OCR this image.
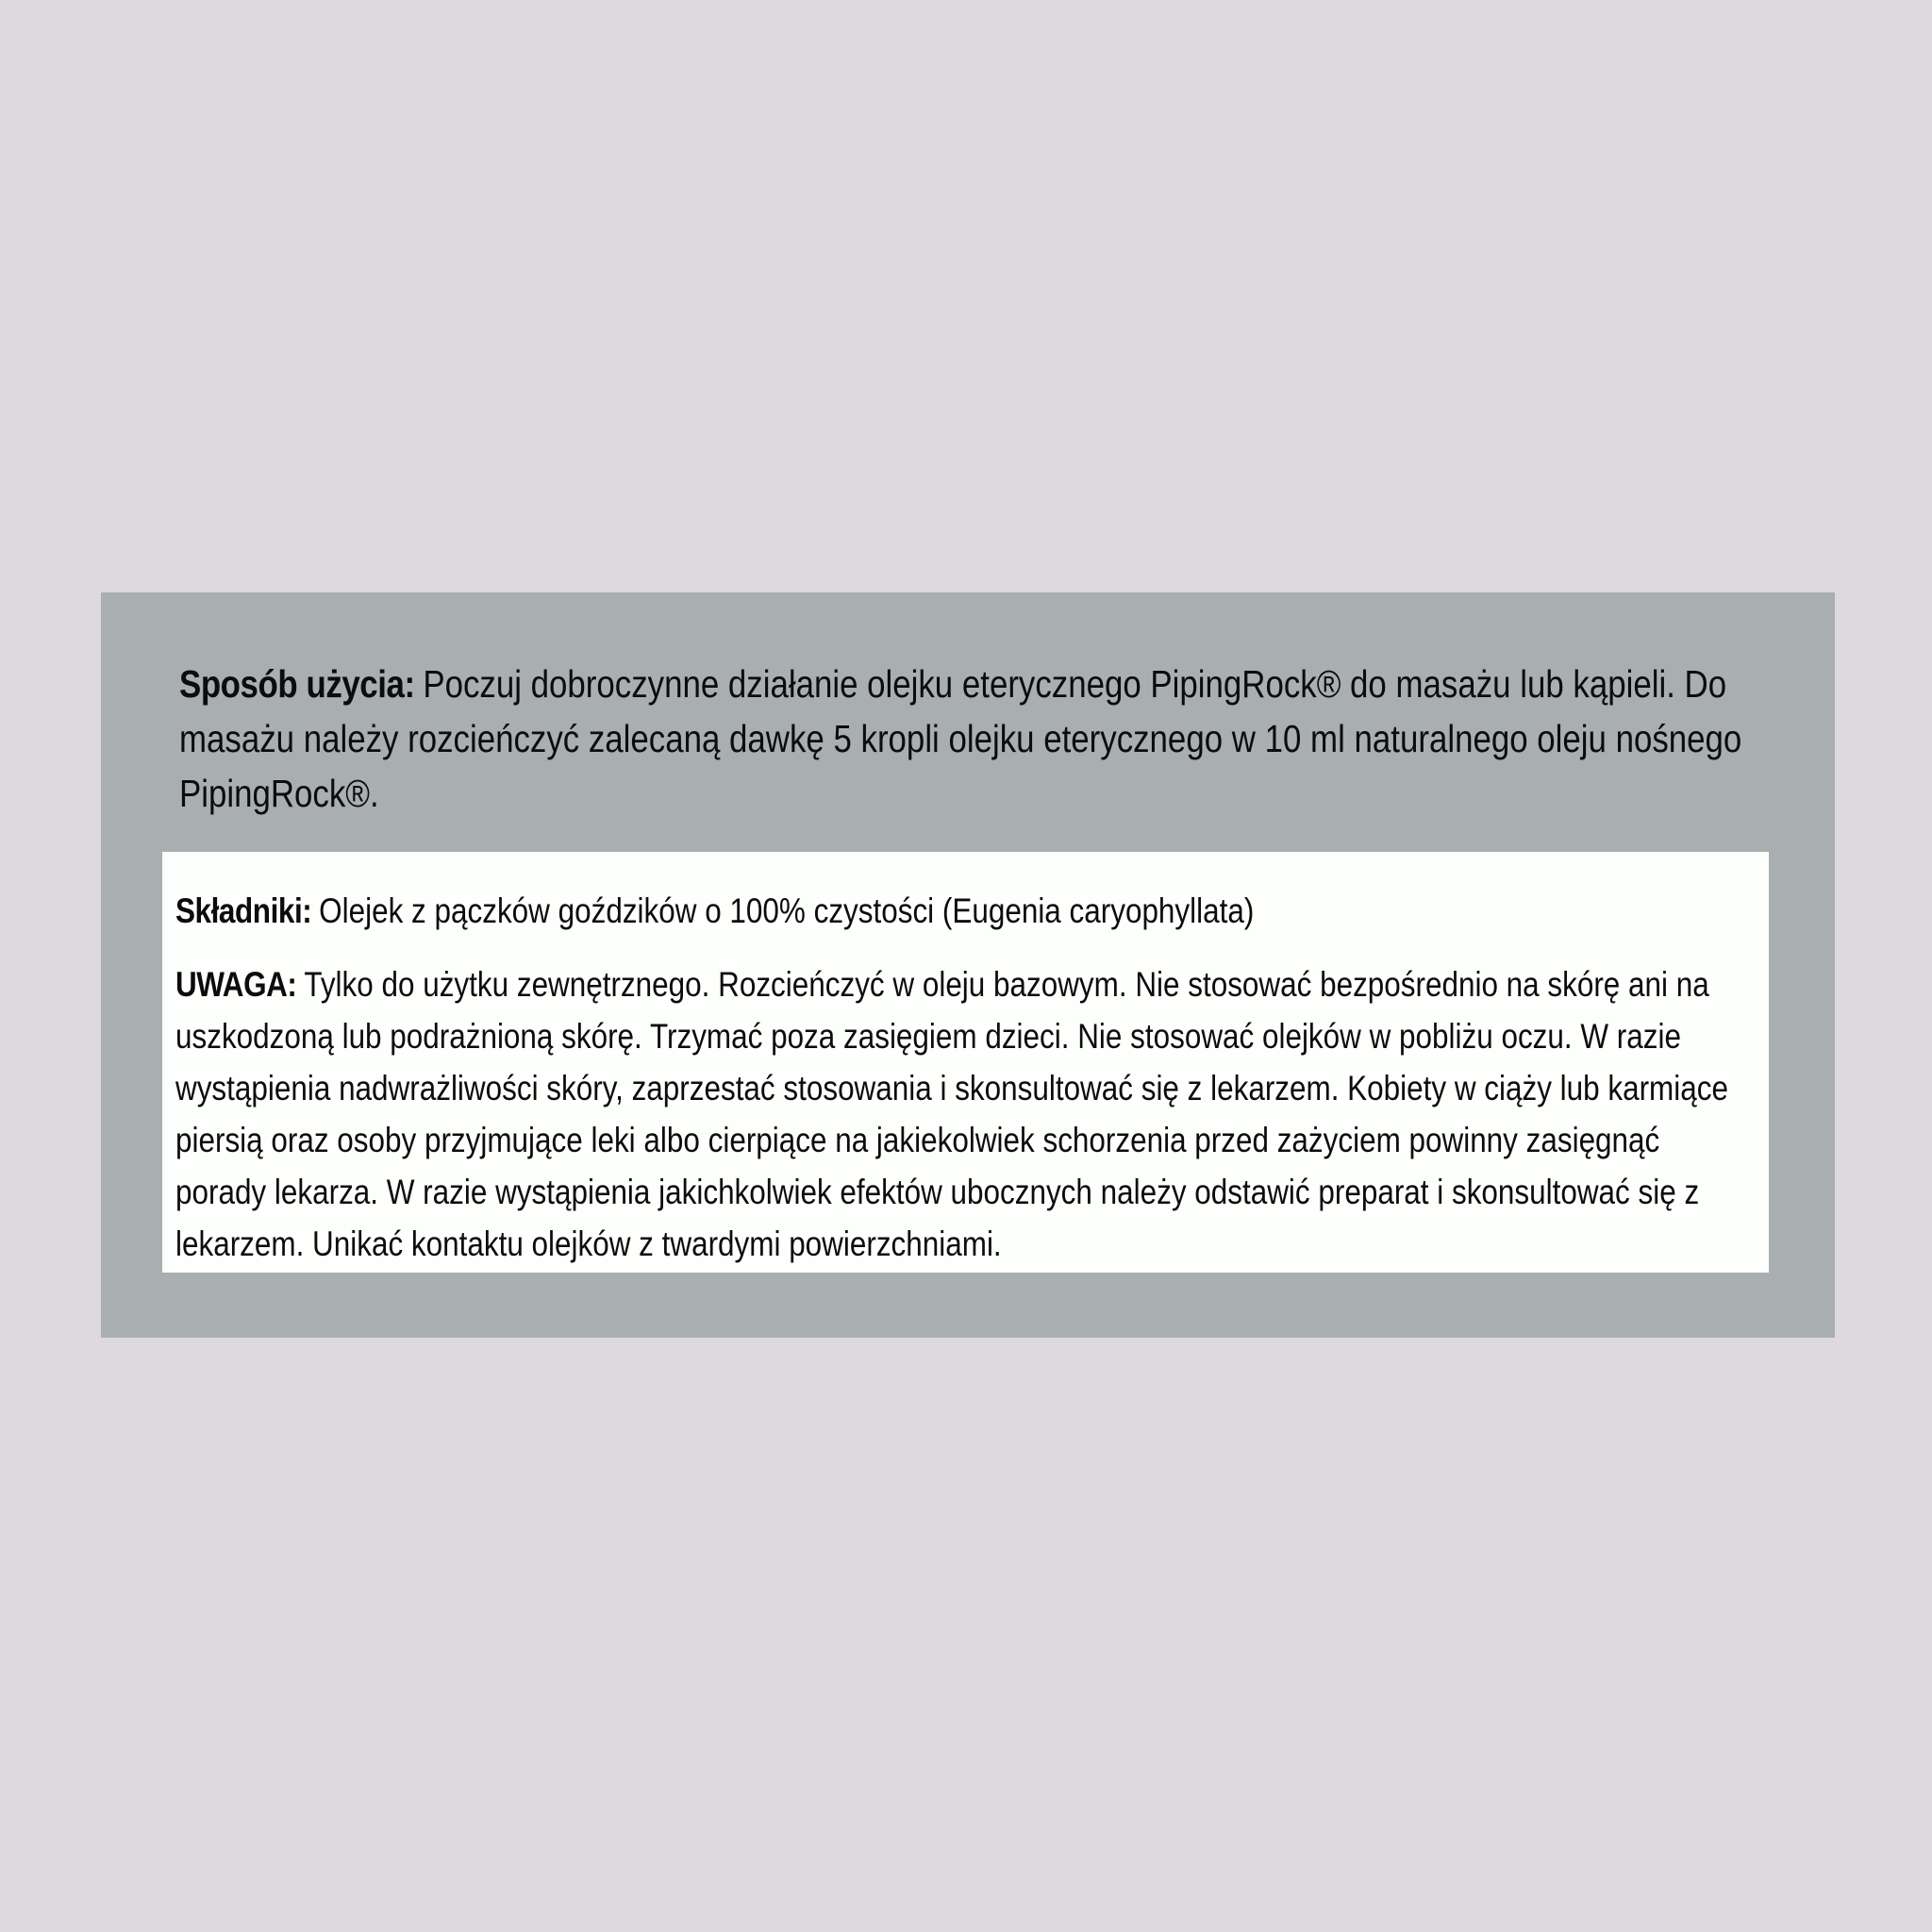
Sposób użycia: Poczuj dobroczynne działanie olejku eterycznego PipingRock® do masażu lub kąpieli. Do masażu należy rozcieńczyć zalecaną dawkę 5 kropli olejku eterycznego w 10 ml naturalnego oleju nośnego PipingRock®.

Składniki: Olejek z pączków goździków o 100% czystości (Eugenia caryophyllata)

UWAGA: Tylko do użytku zewnętrznego. Rozcieńczyć w oleju bazowym. Nie stosować bezpośrednio na skórę ani na uszkodzoną lub podrażnioną skórę. Trzymać poza zasięgiem dzieci. Nie stosować olejków w pobliżu oczu. W razie wystąpienia nadwrażliwości skóry, zaprzestać stosowania i skonsultować się z lekarzem. Kobiety w ciąży lub karmiące piersią oraz osoby przyjmujące leki albo cierpiące na jakiekolwiek schorzenia przed zażyciem powinny zasięgnąć porady lekarza. W razie wystąpienia jakichkolwiek efektów ubocznych należy odstawić preparat i skonsultować się z lekarzem. Unikać kontaktu olejków z twardymi powierzchniami.
